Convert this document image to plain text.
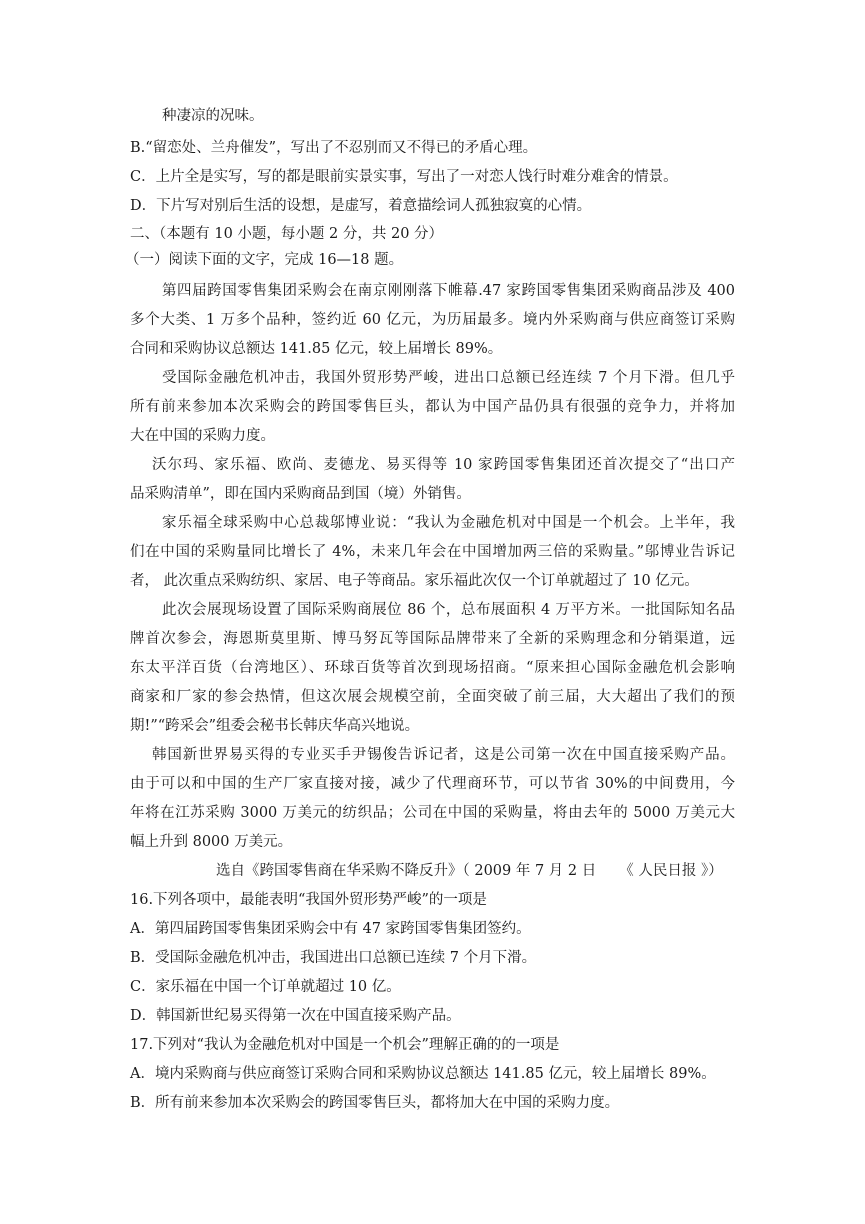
种凄凉的况味。
B.“留恋处、兰舟催发”，写出了不忍别而又不得已的矛盾心理。
C．上片全是实写，写的都是眼前实景实事，写出了一对恋人饯行时难分难舍的情景。
D．下片写对别后生活的设想，是虚写，着意描绘词人孤独寂寞的心情。
二、（本题有 10 小题，每小题 2 分，共 20 分）
（一）阅读下面的文字，完成 16—18 题。
第四届跨国零售集团采购会在南京刚刚落下帷幕.47 家跨国零售集团采购商品涉及 400
多个大类、1 万多个品种，签约近 60 亿元，为历届最多。境内外采购商与供应商签订采购
合同和采购协议总额达 141.85 亿元，较上届增长 89%。
受国际金融危机冲击，我国外贸形势严峻，进出口总额已经连续 7 个月下滑。但几乎
所有前来参加本次采购会的跨国零售巨头，都认为中国产品仍具有很强的竞争力，并将加
大在中国的采购力度。
沃尔玛、家乐福、欧尚、麦德龙、易买得等 10 家跨国零售集团还首次提交了“出口产
品采购清单”，即在国内采购商品到国（境）外销售。
家乐福全球采购中心总裁邬博业说：“我认为金融危机对中国是一个机会。上半年，我
们在中国的采购量同比增长了 4%，未来几年会在中国增加两三倍的采购量。”邬博业告诉记
者， 此次重点采购纺织、家居、电子等商品。家乐福此次仅一个订单就超过了 10 亿元。
此次会展现场设置了国际采购商展位 86 个，总布展面积 4 万平方米。一批国际知名品
牌首次参会，海恩斯莫里斯、博马努瓦等国际品牌带来了全新的采购理念和分销渠道，远
东太平洋百货（台湾地区）、环球百货等首次到现场招商。“原来担心国际金融危机会影响
商家和厂家的参会热情，但这次展会规模空前，全面突破了前三届，大大超出了我们的预
期!”“跨采会”组委会秘书长韩庆华高兴地说。
韩国新世界易买得的专业买手尹锡俊告诉记者，这是公司第一次在中国直接采购产品。
由于可以和中国的生产厂家直接对接，减少了代理商环节，可以节省 30%的中间费用，今
年将在江苏采购 3000 万美元的纺织品；公司在中国的采购量，将由去年的 5000 万美元大
幅上升到 8000 万美元。
选自《跨国零售商在华采购不降反升》（ 2009 年 7 月 2 日     《 人民日报 》）
16.下列各项中，最能表明“我国外贸形势严峻”的一项是
A．第四届跨国零售集团采购会中有 47 家跨国零售集团签约。
B．受国际金融危机冲击，我国进出口总额已连续 7 个月下滑。
C．家乐福在中国一个订单就超过 10 亿。
D．韩国新世纪易买得第一次在中国直接采购产品。
17.下列对“我认为金融危机对中国是一个机会”理解正确的的一项是
A．境内采购商与供应商签订采购合同和采购协议总额达 141.85 亿元，较上届增长 89%。
B．所有前来参加本次采购会的跨国零售巨头，都将加大在中国的采购力度。
